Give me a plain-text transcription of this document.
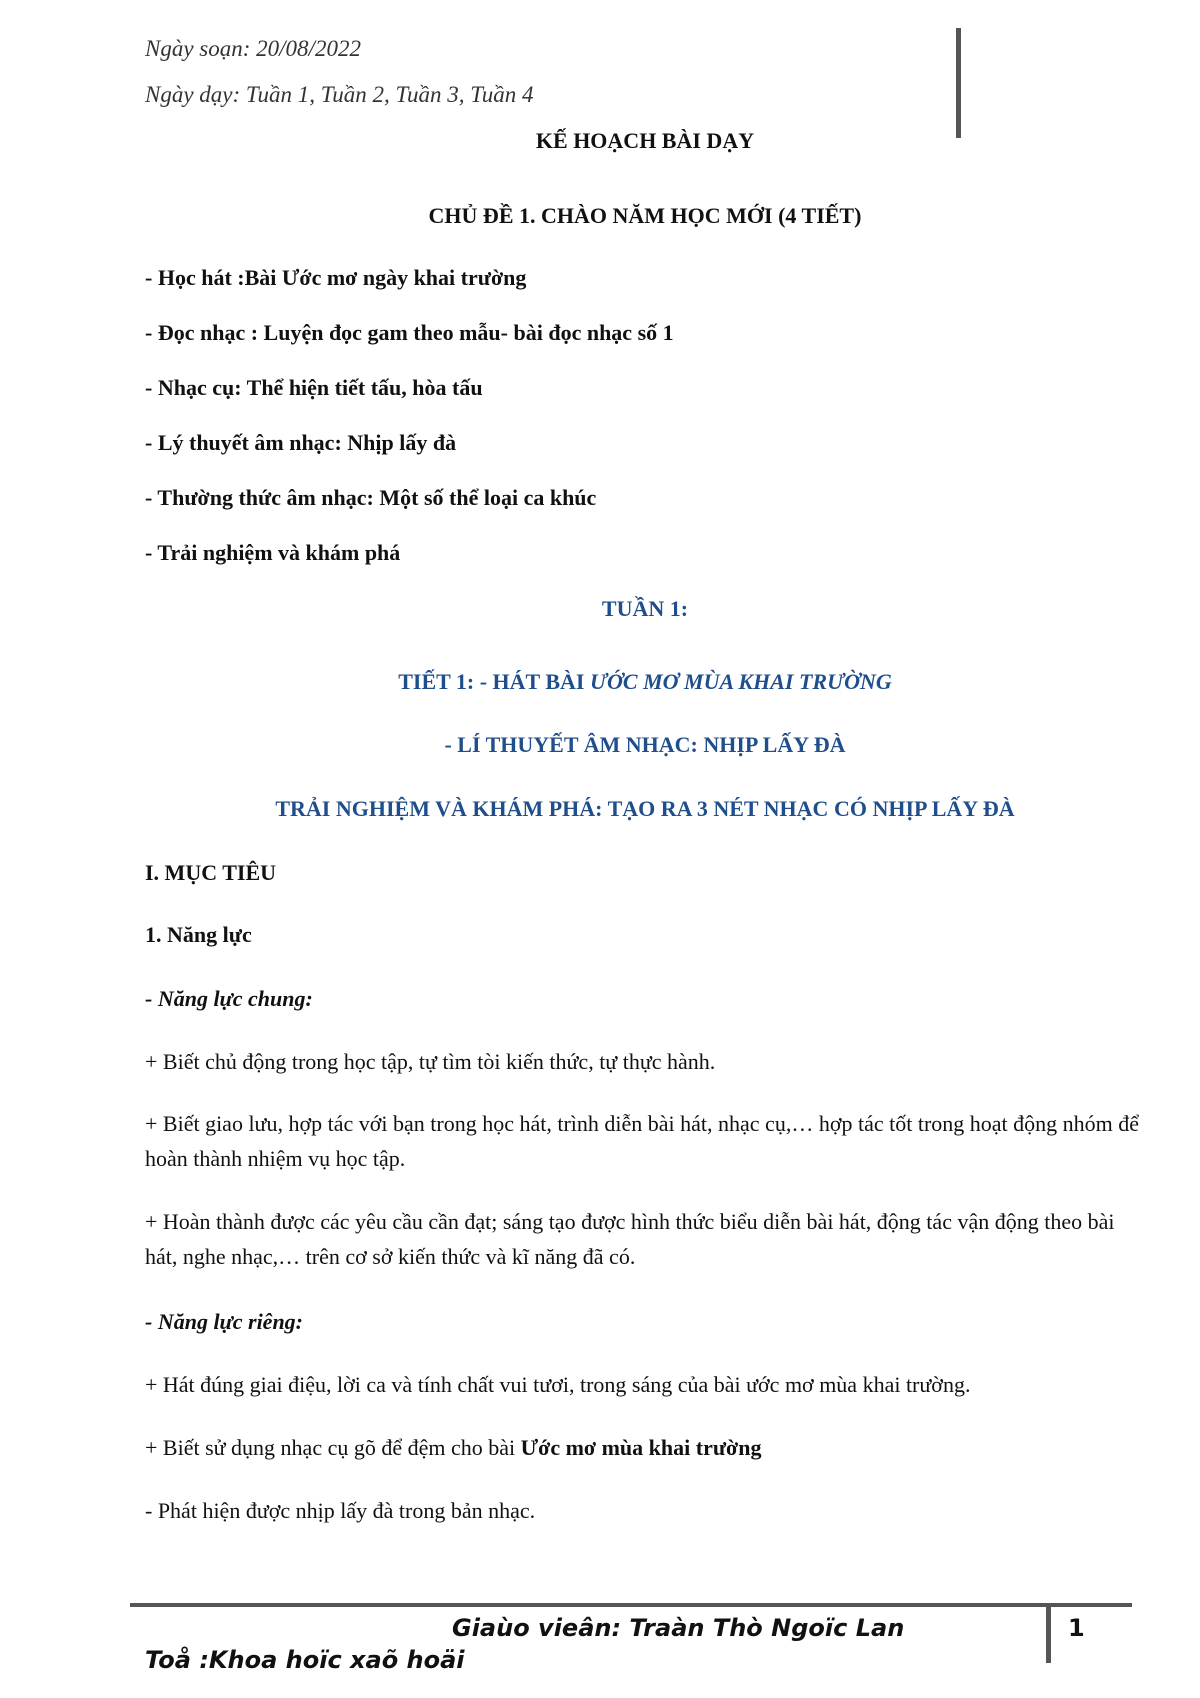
Ngày soạn: 20/08/2022
Ngày dạy: Tuần 1, Tuần 2, Tuần 3, Tuần 4
KẾ HOẠCH BÀI DẠY
CHỦ ĐỀ 1. CHÀO NĂM HỌC MỚI (4 TIẾT)
- Học hát :Bài Ước mơ ngày khai trường
- Đọc nhạc : Luyện đọc gam theo mẫu- bài đọc nhạc số 1
- Nhạc cụ: Thể hiện tiết tấu, hòa tấu
- Lý thuyết âm nhạc: Nhịp lấy đà
- Thường thức âm nhạc: Một số thể loại ca khúc
- Trải nghiệm và khám phá
TUẦN 1:
TIẾT 1: - HÁT BÀI ƯỚC MƠ MÙA KHAI TRƯỜNG
- LÍ THUYẾT ÂM NHẠC: NHỊP LẤY ĐÀ
TRẢI NGHIỆM VÀ KHÁM PHÁ: TẠO RA 3 NÉT NHẠC CÓ NHỊP LẤY ĐÀ
I. MỤC TIÊU
1. Năng lực
- Năng lực chung:
+ Biết chủ động trong học tập, tự tìm tòi kiến thức, tự thực hành.
+ Biết giao lưu, hợp tác với bạn trong học hát, trình diễn bài hát, nhạc cụ,… hợp tác tốt trong hoạt động nhóm để hoàn thành nhiệm vụ học tập.
+ Hoàn thành được các yêu cầu cần đạt; sáng tạo được hình thức biểu diễn bài hát, động tác vận động theo bài hát, nghe nhạc,… trên cơ sở kiến thức và kĩ năng đã có.
- Năng lực riêng:
+ Hát đúng giai điệu, lời ca và tính chất vui tươi, trong sáng của bài ước mơ mùa khai trường.
+ Biết sử dụng nhạc cụ gõ để đệm cho bài Ước mơ mùa khai trường
- Phát hiện được nhịp lấy đà trong bản nhạc.
Giaùo vieân: Traàn Thò Ngoïc Lan	1
Toå :Khoa hoïc xaõ hoäi
